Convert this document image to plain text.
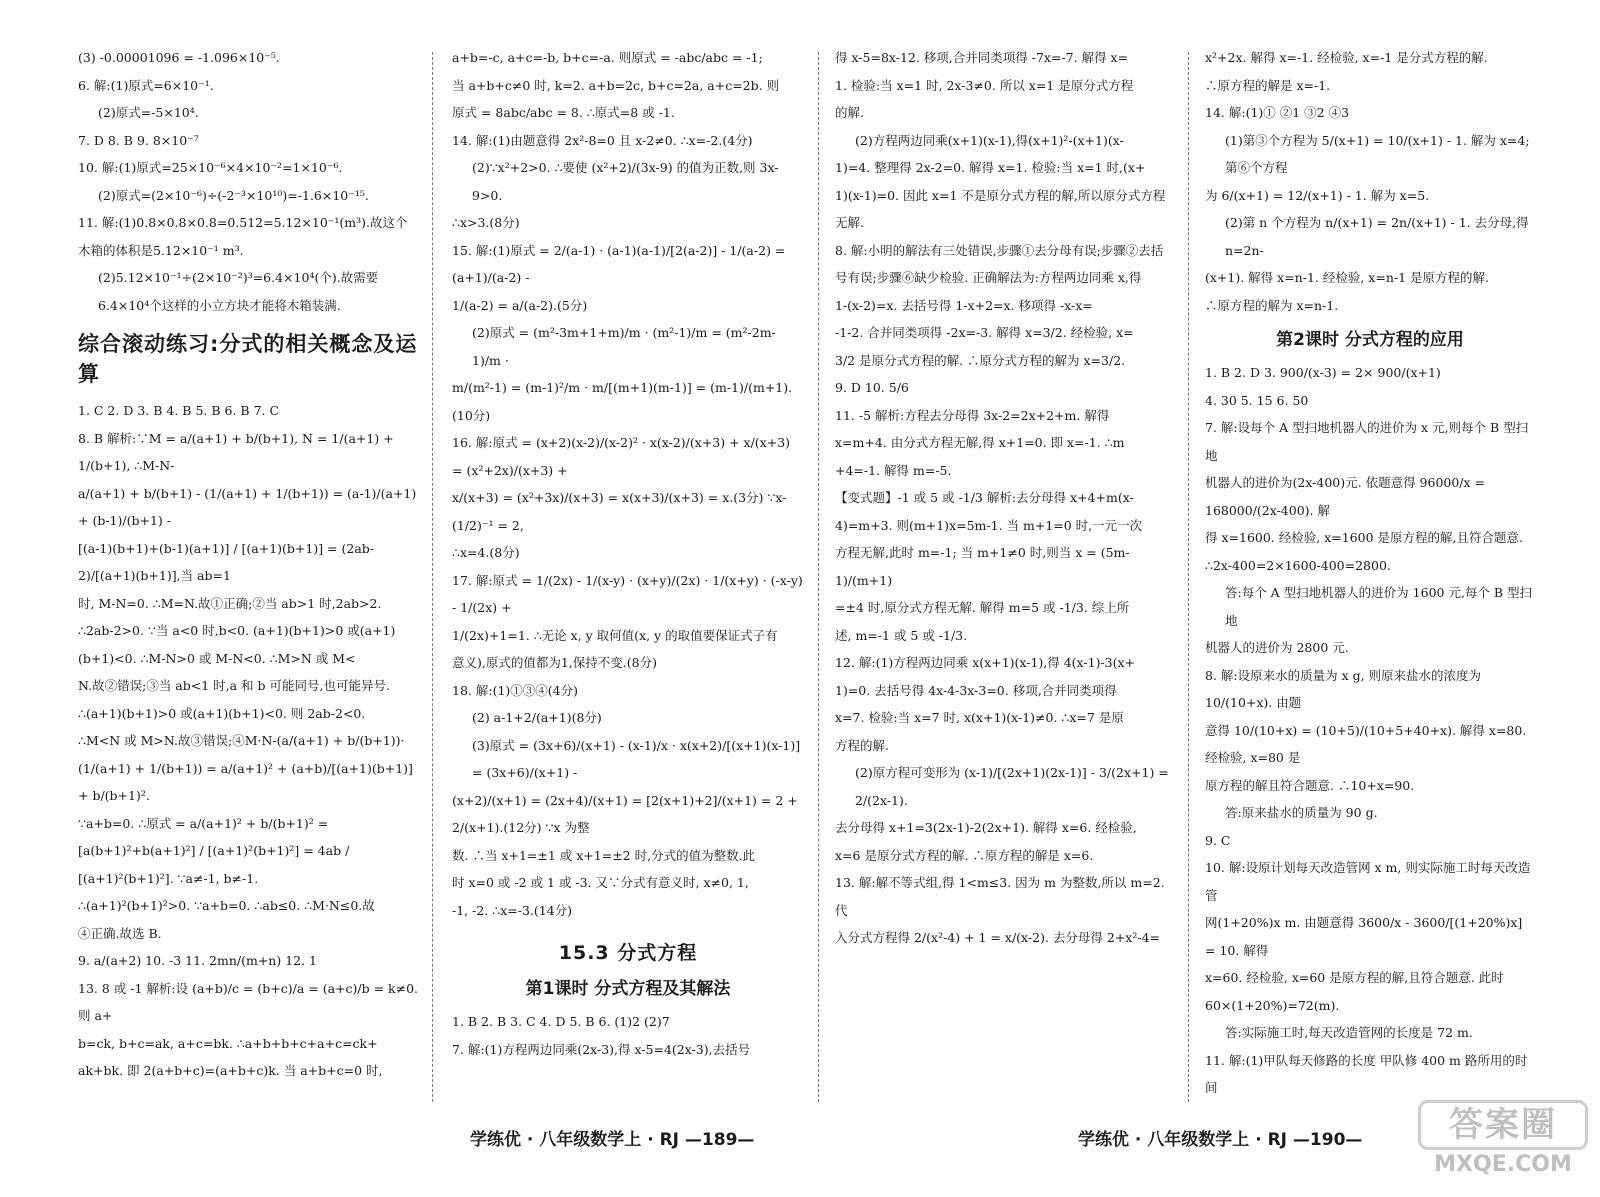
(3) -0.00001096 = -1.096×10⁻⁵.

6. 解:(1)原式=6×10⁻¹.

(2)原式=-5×10⁴.

7. D 8. B 9. 8×10⁻⁷

10. 解:(1)原式=25×10⁻⁶×4×10⁻²=1×10⁻⁶.

(2)原式=(2×10⁻⁶)÷(-2⁻³×10¹⁰)=-1.6×10⁻¹⁵.

11. 解:(1)0.8×0.8×0.8=0.512=5.12×10⁻¹(m³).故这个木箱的体积是5.12×10⁻¹ m³.

(2)5.12×10⁻¹÷(2×10⁻²)³=6.4×10⁴(个).故需要6.4×10⁴个这样的小立方块才能将木箱装满.

综合滚动练习:分式的相关概念及运算

1. C 2. D 3. B 4. B 5. B 6. B 7. C

8. B 解析:∵M = a/(a+1) + b/(b+1), N = 1/(a+1) + 1/(b+1), ∴M-N-

a/(a+1) + b/(b+1) - (1/(a+1) + 1/(b+1)) = (a-1)/(a+1) + (b-1)/(b+1) -

[(a-1)(b+1)+(b-1)(a+1)] / [(a+1)(b+1)] = (2ab-2)/[(a+1)(b+1)],当 ab=1

时, M-N=0. ∴M=N.故①正确;②当 ab>1 时,2ab>2.

∴2ab-2>0. ∵当 a<0 时,b<0. (a+1)(b+1)>0 或(a+1)

(b+1)<0. ∴M-N>0 或 M-N<0. ∴M>N 或 M<

N.故②错误;③当 ab<1 时,a 和 b 可能同号,也可能异号.

∴(a+1)(b+1)>0 或(a+1)(b+1)<0. 则 2ab-2<0.

∴M<N 或 M>N.故③错误;④M·N-(a/(a+1) + b/(b+1))·

(1/(a+1) + 1/(b+1)) = a/(a+1)² + (a+b)/[(a+1)(b+1)] + b/(b+1)².

∵a+b=0. ∴原式 = a/(a+1)² + b/(b+1)² =

[a(b+1)²+b(a+1)²] / [(a+1)²(b+1)²] = 4ab / [(a+1)²(b+1)²]. ∵a≠-1, b≠-1.

∴(a+1)²(b+1)²>0. ∵a+b=0. ∴ab≤0. ∴M·N≤0.故

④正确.故选 B.

9. a/(a+2) 10. -3 11. 2mn/(m+n) 12. 1

13. 8 或 -1 解析:设 (a+b)/c = (b+c)/a = (a+c)/b = k≠0. 则 a+

b=ck, b+c=ak, a+c=bk. ∴a+b+b+c+a+c=ck+

ak+bk. 即 2(a+b+c)=(a+b+c)k. 当 a+b+c=0 时,

a+b=-c, a+c=-b, b+c=-a. 则原式 = -abc/abc = -1;

当 a+b+c≠0 时, k=2. a+b=2c, b+c=2a, a+c=2b. 则

原式 = 8abc/abc = 8. ∴原式=8 或 -1.

14. 解:(1)由题意得 2x²-8=0 且 x-2≠0. ∴x=-2.(4分)

(2)∵x²+2>0. ∴要使 (x²+2)/(3x-9) 的值为正数,则 3x-9>0.

∴x>3.(8分)

15. 解:(1)原式 = 2/(a-1) · (a-1)(a-1)/[2(a-2)] - 1/(a-2) = (a+1)/(a-2) -

1/(a-2) = a/(a-2).(5分)

(2)原式 = (m²-3m+1+m)/m · (m²-1)/m = (m²-2m-1)/m ·

m/(m²-1) = (m-1)²/m · m/[(m+1)(m-1)] = (m-1)/(m+1).(10分)

16. 解:原式 = (x+2)(x-2)/(x-2)² · x(x-2)/(x+3) + x/(x+3) = (x²+2x)/(x+3) +

x/(x+3) = (x²+3x)/(x+3) = x(x+3)/(x+3) = x.(3分) ∵x-(1/2)⁻¹ = 2,

∴x=4.(8分)

17. 解:原式 = 1/(2x) - 1/(x-y) · (x+y)/(2x) · 1/(x+y) · (-x-y) - 1/(2x) +

1/(2x)+1=1. ∴无论 x, y 取何值(x, y 的取值要保证式子有

意义),原式的值都为1,保持不变.(8分)

18. 解:(1)①③④(4分)

(2) a-1+2/(a+1)(8分)

(3)原式 = (3x+6)/(x+1) - (x-1)/x · x(x+2)/[(x+1)(x-1)] = (3x+6)/(x+1) -

(x+2)/(x+1) = (2x+4)/(x+1) = [2(x+1)+2]/(x+1) = 2 + 2/(x+1).(12分) ∵x 为整

数. ∴当 x+1=±1 或 x+1=±2 时,分式的值为整数.此

时 x=0 或 -2 或 1 或 -3. 又∵分式有意义时, x≠0, 1,

-1, -2. ∴x=-3.(14分)

15.3 分式方程
第1课时 分式方程及其解法

1. B 2. B 3. C 4. D 5. B 6. (1)2 (2)7

7. 解:(1)方程两边同乘(2x-3),得 x-5=4(2x-3),去括号

得 x-5=8x-12. 移项,合并同类项得 -7x=-7. 解得 x=

1. 检验:当 x=1 时, 2x-3≠0. 所以 x=1 是原分式方程

的解.

(2)方程两边同乘(x+1)(x-1),得(x+1)²-(x+1)(x-

1)=4. 整理得 2x-2=0. 解得 x=1. 检验:当 x=1 时,(x+

1)(x-1)=0. 因此 x=1 不是原分式方程的解,所以原分式方程

无解.

8. 解:小明的解法有三处错误,步骤①去分母有误;步骤②去括

号有误;步骤⑥缺少检验. 正确解法为:方程两边同乘 x,得

1-(x-2)=x. 去括号得 1-x+2=x. 移项得 -x-x=

-1-2. 合并同类项得 -2x=-3. 解得 x=3/2. 经检验, x=

3/2 是原分式方程的解. ∴原分式方程的解为 x=3/2.

9. D 10. 5/6

11. -5 解析:方程去分母得 3x-2=2x+2+m. 解得

x=m+4. 由分式方程无解,得 x+1=0. 即 x=-1. ∴m

+4=-1. 解得 m=-5.

【变式题】-1 或 5 或 -1/3 解析:去分母得 x+4+m(x-

4)=m+3. 则(m+1)x=5m-1. 当 m+1=0 时,一元一次

方程无解,此时 m=-1; 当 m+1≠0 时,则当 x = (5m-1)/(m+1)

=±4 时,原分式方程无解. 解得 m=5 或 -1/3. 综上所

述, m=-1 或 5 或 -1/3.

12. 解:(1)方程两边同乘 x(x+1)(x-1),得 4(x-1)-3(x+

1)=0. 去括号得 4x-4-3x-3=0. 移项,合并同类项得

x=7. 检验:当 x=7 时, x(x+1)(x-1)≠0. ∴x=7 是原

方程的解.

(2)原方程可变形为 (x-1)/[(2x+1)(2x-1)] - 3/(2x+1) = 2/(2x-1).

去分母得 x+1=3(2x-1)-2(2x+1). 解得 x=6. 经检验,

x=6 是原分式方程的解. ∴原方程的解是 x=6.

13. 解:解不等式组,得 1<m≤3. 因为 m 为整数,所以 m=2. 代

入分式方程得 2/(x²-4) + 1 = x/(x-2). 去分母得 2+x²-4=

x²+2x. 解得 x=-1. 经检验, x=-1 是分式方程的解.

∴原方程的解是 x=-1.

14. 解:(1)① ②1 ③2 ④3

(1)第③个方程为 5/(x+1) = 10/(x+1) - 1. 解为 x=4; 第⑥个方程

为 6/(x+1) = 12/(x+1) - 1. 解为 x=5.

(2)第 n 个方程为 n/(x+1) = 2n/(x+1) - 1. 去分母,得 n=2n-

(x+1). 解得 x=n-1. 经检验, x=n-1 是原方程的解.

∴原方程的解为 x=n-1.

第2课时 分式方程的应用

1. B 2. D 3. 900/(x-3) = 2× 900/(x+1)

4. 30 5. 15 6. 50

7. 解:设每个 A 型扫地机器人的进价为 x 元,则每个 B 型扫地

机器人的进价为(2x-400)元. 依题意得 96000/x = 168000/(2x-400). 解

得 x=1600. 经检验, x=1600 是原方程的解,且符合题意.

∴2x-400=2×1600-400=2800.

答:每个 A 型扫地机器人的进价为 1600 元,每个 B 型扫地

机器人的进价为 2800 元.

8. 解:设原来水的质量为 x g, 则原来盐水的浓度为 10/(10+x). 由题

意得 10/(10+x) = (10+5)/(10+5+40+x). 解得 x=80. 经检验, x=80 是

原方程的解且符合题意. ∴10+x=90.

答:原来盐水的质量为 90 g.

9. C

10. 解:设原计划每天改造管网 x m, 则实际施工时每天改造管

网(1+20%)x m. 由题意得 3600/x - 3600/[(1+20%)x] = 10. 解得

x=60. 经检验, x=60 是原方程的解,且符合题意. 此时

60×(1+20%)=72(m).

答:实际施工时,每天改造管网的长度是 72 m.

11. 解:(1)甲队每天修路的长度 甲队修 400 m 路所用的时间

学练优 · 八年级数学上 · RJ —189—	学练优 · 八年级数学上 · RJ —190—	答案圈
MXQE.COM
